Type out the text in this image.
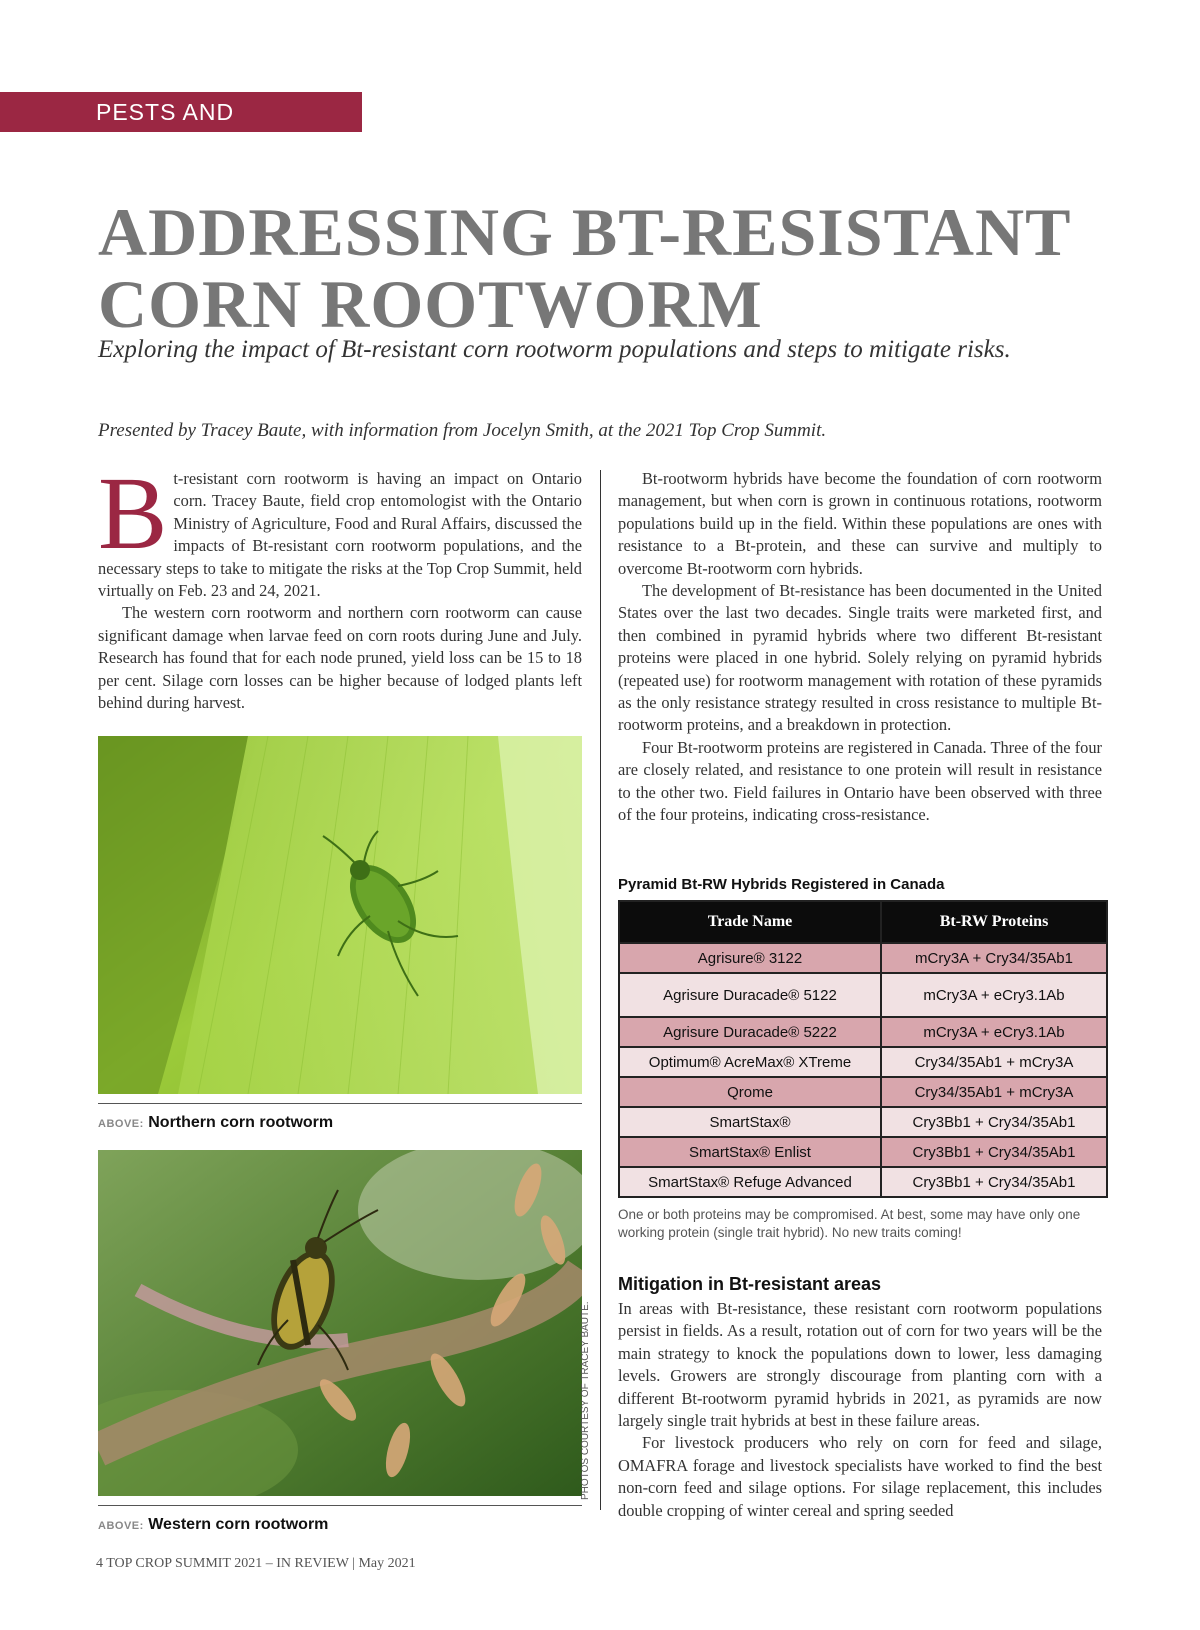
PESTS AND DISEASES
ADDRESSING BT-RESISTANT
CORN ROOTWORM
Exploring the impact of Bt-resistant corn rootworm populations and steps to mitigate risks.
Presented by Tracey Baute, with information from Jocelyn Smith, at the 2021 Top Crop Summit.

Bt-resistant corn rootworm is having an impact on Ontario corn. Tracey Baute, field crop entomologist with the Ontario Ministry of Agriculture, Food and Rural Affairs, discussed the impacts of Bt-resistant corn rootworm populations, and the necessary steps to take to mitigate the risks at the Top Crop Summit, held virtually on Feb. 23 and 24, 2021.

The western corn rootworm and northern corn rootworm can cause significant damage when larvae feed on corn roots during June and July. Research has found that for each node pruned, yield loss can be 15 to 18 per cent. Silage corn losses can be higher because of lodged plants left behind during harvest.

ABOVE: Northern corn rootworm
PHOTOS COURTESY OF TRACEY BAUTE.
ABOVE: Western corn rootworm

Bt-rootworm hybrids have become the foundation of corn rootworm management, but when corn is grown in continuous rotations, rootworm populations build up in the field. Within these populations are ones with resistance to a Bt-protein, and these can survive and multiply to overcome Bt-rootworm corn hybrids.

The development of Bt-resistance has been documented in the United States over the last two decades. Single traits were marketed first, and then combined in pyramid hybrids where two different Bt-resistant proteins were placed in one hybrid. Solely relying on pyramid hybrids (repeated use) for rootworm management with rotation of these pyramids as the only resistance strategy resulted in cross resistance to multiple Bt-rootworm proteins, and a breakdown in protection.

Four Bt-rootworm proteins are registered in Canada. Three of the four are closely related, and resistance to one protein will result in resistance to the other two. Field failures in Ontario have been observed with three of the four proteins, indicating cross-resistance.

Pyramid Bt-RW Hybrids Registered in Canada
Trade Name	Bt-RW Proteins
Agrisure® 3122	mCry3A + Cry34/35Ab1
Agrisure Duracade® 5122	mCry3A + eCry3.1Ab
Agrisure Duracade® 5222	mCry3A + eCry3.1Ab
Optimum® AcreMax® XTreme	Cry34/35Ab1 + mCry3A
Qrome	Cry34/35Ab1 + mCry3A
SmartStax®	Cry3Bb1 + Cry34/35Ab1
SmartStax® Enlist	Cry3Bb1 + Cry34/35Ab1
SmartStax® Refuge Advanced	Cry3Bb1 + Cry34/35Ab1
One or both proteins may be compromised. At best, some may have only one working protein (single trait hybrid). No new traits coming!
Mitigation in Bt-resistant areas

In areas with Bt-resistance, these resistant corn rootworm populations persist in fields. As a result, rotation out of corn for two years will be the main strategy to knock the populations down to lower, less damaging levels. Growers are strongly discourage from planting corn with a different Bt-rootworm pyramid hybrids in 2021, as pyramids are now largely single trait hybrids at best in these failure areas.

For livestock producers who rely on corn for feed and silage, OMAFRA forage and livestock specialists have worked to find the best non-corn feed and silage options. For silage replacement, this includes double cropping of winter cereal and spring seeded

4 TOP CROP SUMMIT 2021 – IN REVIEW | May 2021
